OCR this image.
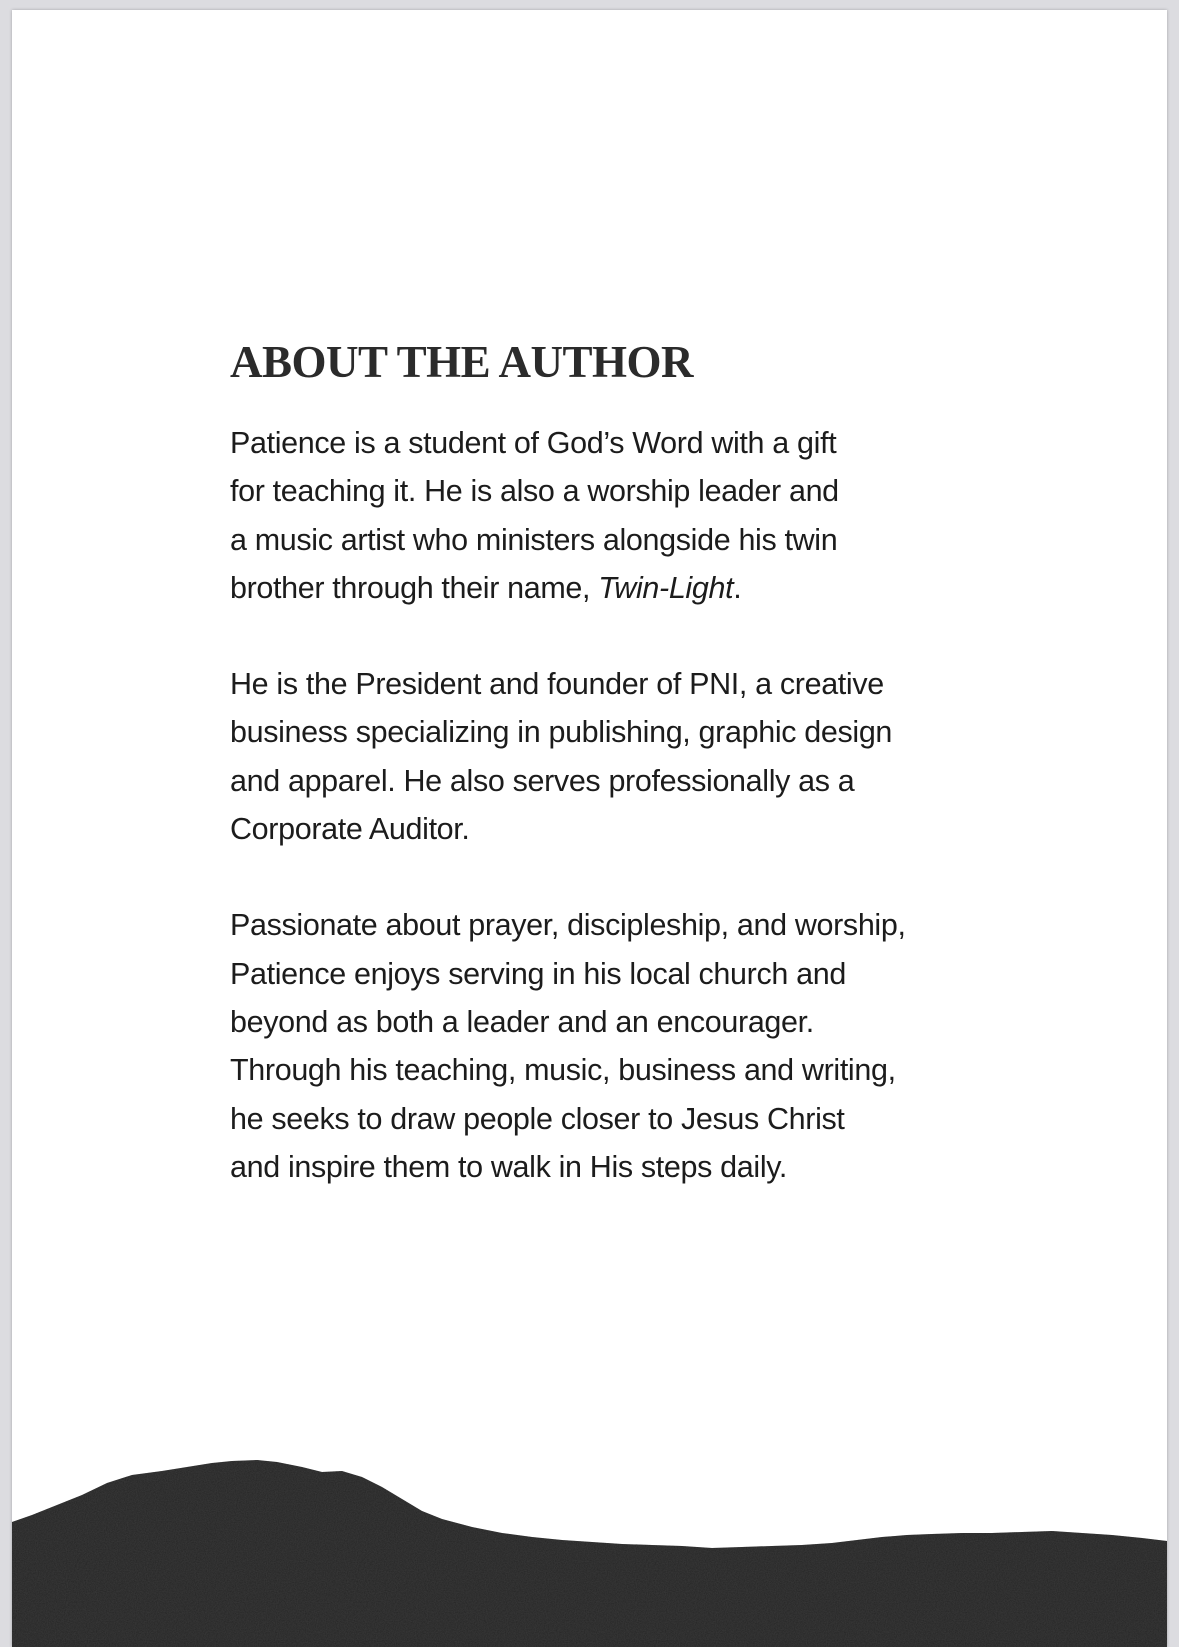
ABOUT THE AUTHOR

Patience is a student of God’s Word with a gift
for teaching it. He is also a worship leader and
a music artist who ministers alongside his twin
brother through their name, Twin-Light.

He is the President and founder of PNI, a creative
business specializing in publishing, graphic design
and apparel. He also serves professionally as a
Corporate Auditor.

Passionate about prayer, discipleship, and worship,
Patience enjoys serving in his local church and
beyond as both a leader and an encourager.
Through his teaching, music, business and writing,
he seeks to draw people closer to Jesus Christ
and inspire them to walk in His steps daily.
